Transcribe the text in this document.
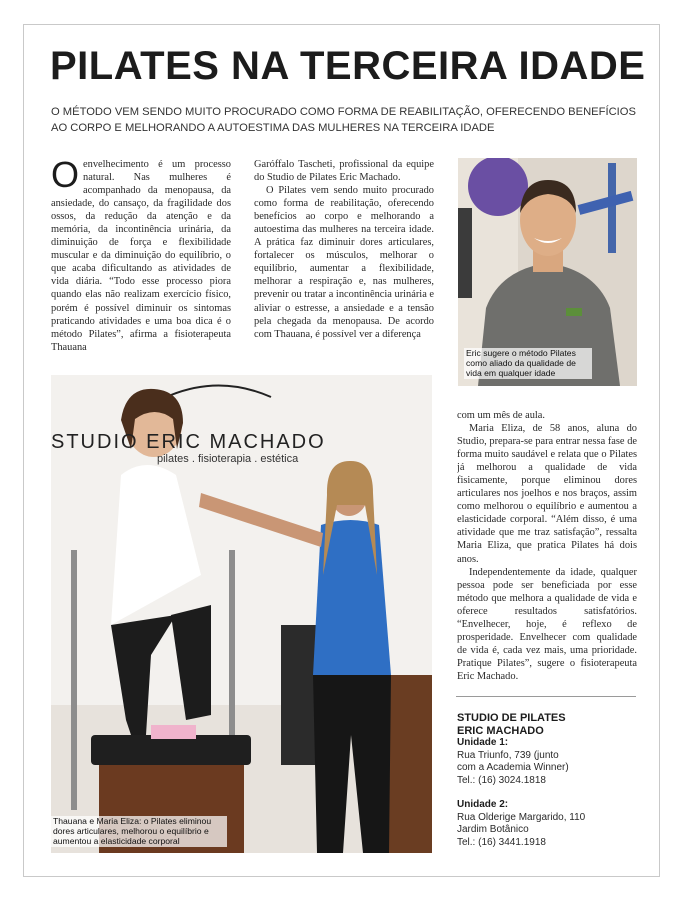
PILATES NA TERCEIRA IDADE
O MÉTODO VEM SENDO MUITO PROCURADO COMO FORMA DE REABILITAÇÃO, OFERECENDO BENEFÍCIOS AO CORPO E MELHORANDO A AUTOESTIMA DAS MULHERES NA TERCEIRA IDADE

Oenvelhecimento é um processo natural. Nas mulheres é acompanhado da menopausa, da ansiedade, do cansaço, da fragilidade dos ossos, da redução da atenção e da memória, da incontinência urinária, da diminuição de força e flexibilidade muscular e da diminuição do equilíbrio, o que acaba dificultando as atividades de vida diária. “Todo esse processo piora quando elas não realizam exercício físico, porém é possível diminuir os sintomas praticando atividades e uma boa dica é o método Pilates”, afirma a fisioterapeuta Thauana

Garóffalo Tascheti, profissional da equipe do Studio de Pilates Eric Machado.

O Pilates vem sendo muito procurado como forma de reabilitação, oferecendo benefícios ao corpo e melhorando a autoestima das mulheres na terceira idade. A prática faz diminuir dores articulares, fortalecer os músculos, melhorar o equilíbrio, aumentar a flexibilidade, melhorar a respiração e, nas mulheres, prevenir ou tratar a incontinência urinária e aliviar o estresse, a ansiedade e a tensão pela chegada da menopausa. De acordo com Thauana, é possível ver a diferença

com um mês de aula.

Maria Eliza, de 58 anos, aluna do Studio, prepara-se para entrar nessa fase de forma muito saudável e relata que o Pilates já melhorou a qualidade de vida fisicamente, porque eliminou dores articulares nos joelhos e nos braços, assim como melhorou o equilíbrio e aumentou a elasticidade corporal. “Além disso, é uma atividade que me traz satisfação”, ressalta Maria Eliza, que pratica Pilates há dois anos.

Independentemente da idade, qualquer pessoa pode ser beneficiada por esse método que melhora a qualidade de vida e oferece resultados satisfatórios. “Envelhecer, hoje, é reflexo de prosperidade. Envelhecer com qualidade de vida é, cada vez mais, uma prioridade. Pratique Pilates”, sugere o fisioterapeuta Eric Machado.

Eric sugere o método Pilates como aliado da qualidade de vida em qualquer idade
STUDIO ERIC MACHADO
pilates . fisioterapia . estética
Thauana e Maria Eliza: o Pilates eliminou dores articulares, melhorou o equilíbrio e aumentou a elasticidade corporal
STUDIO DE PILATES
ERIC MACHADO
Unidade 1:
Rua Triunfo, 739 (junto
com a Academia Winner)
Tel.: (16) 3024.1818
Unidade 2:
Rua Olderige Margarido, 110
Jardim Botânico
Tel.: (16) 3441.1918
